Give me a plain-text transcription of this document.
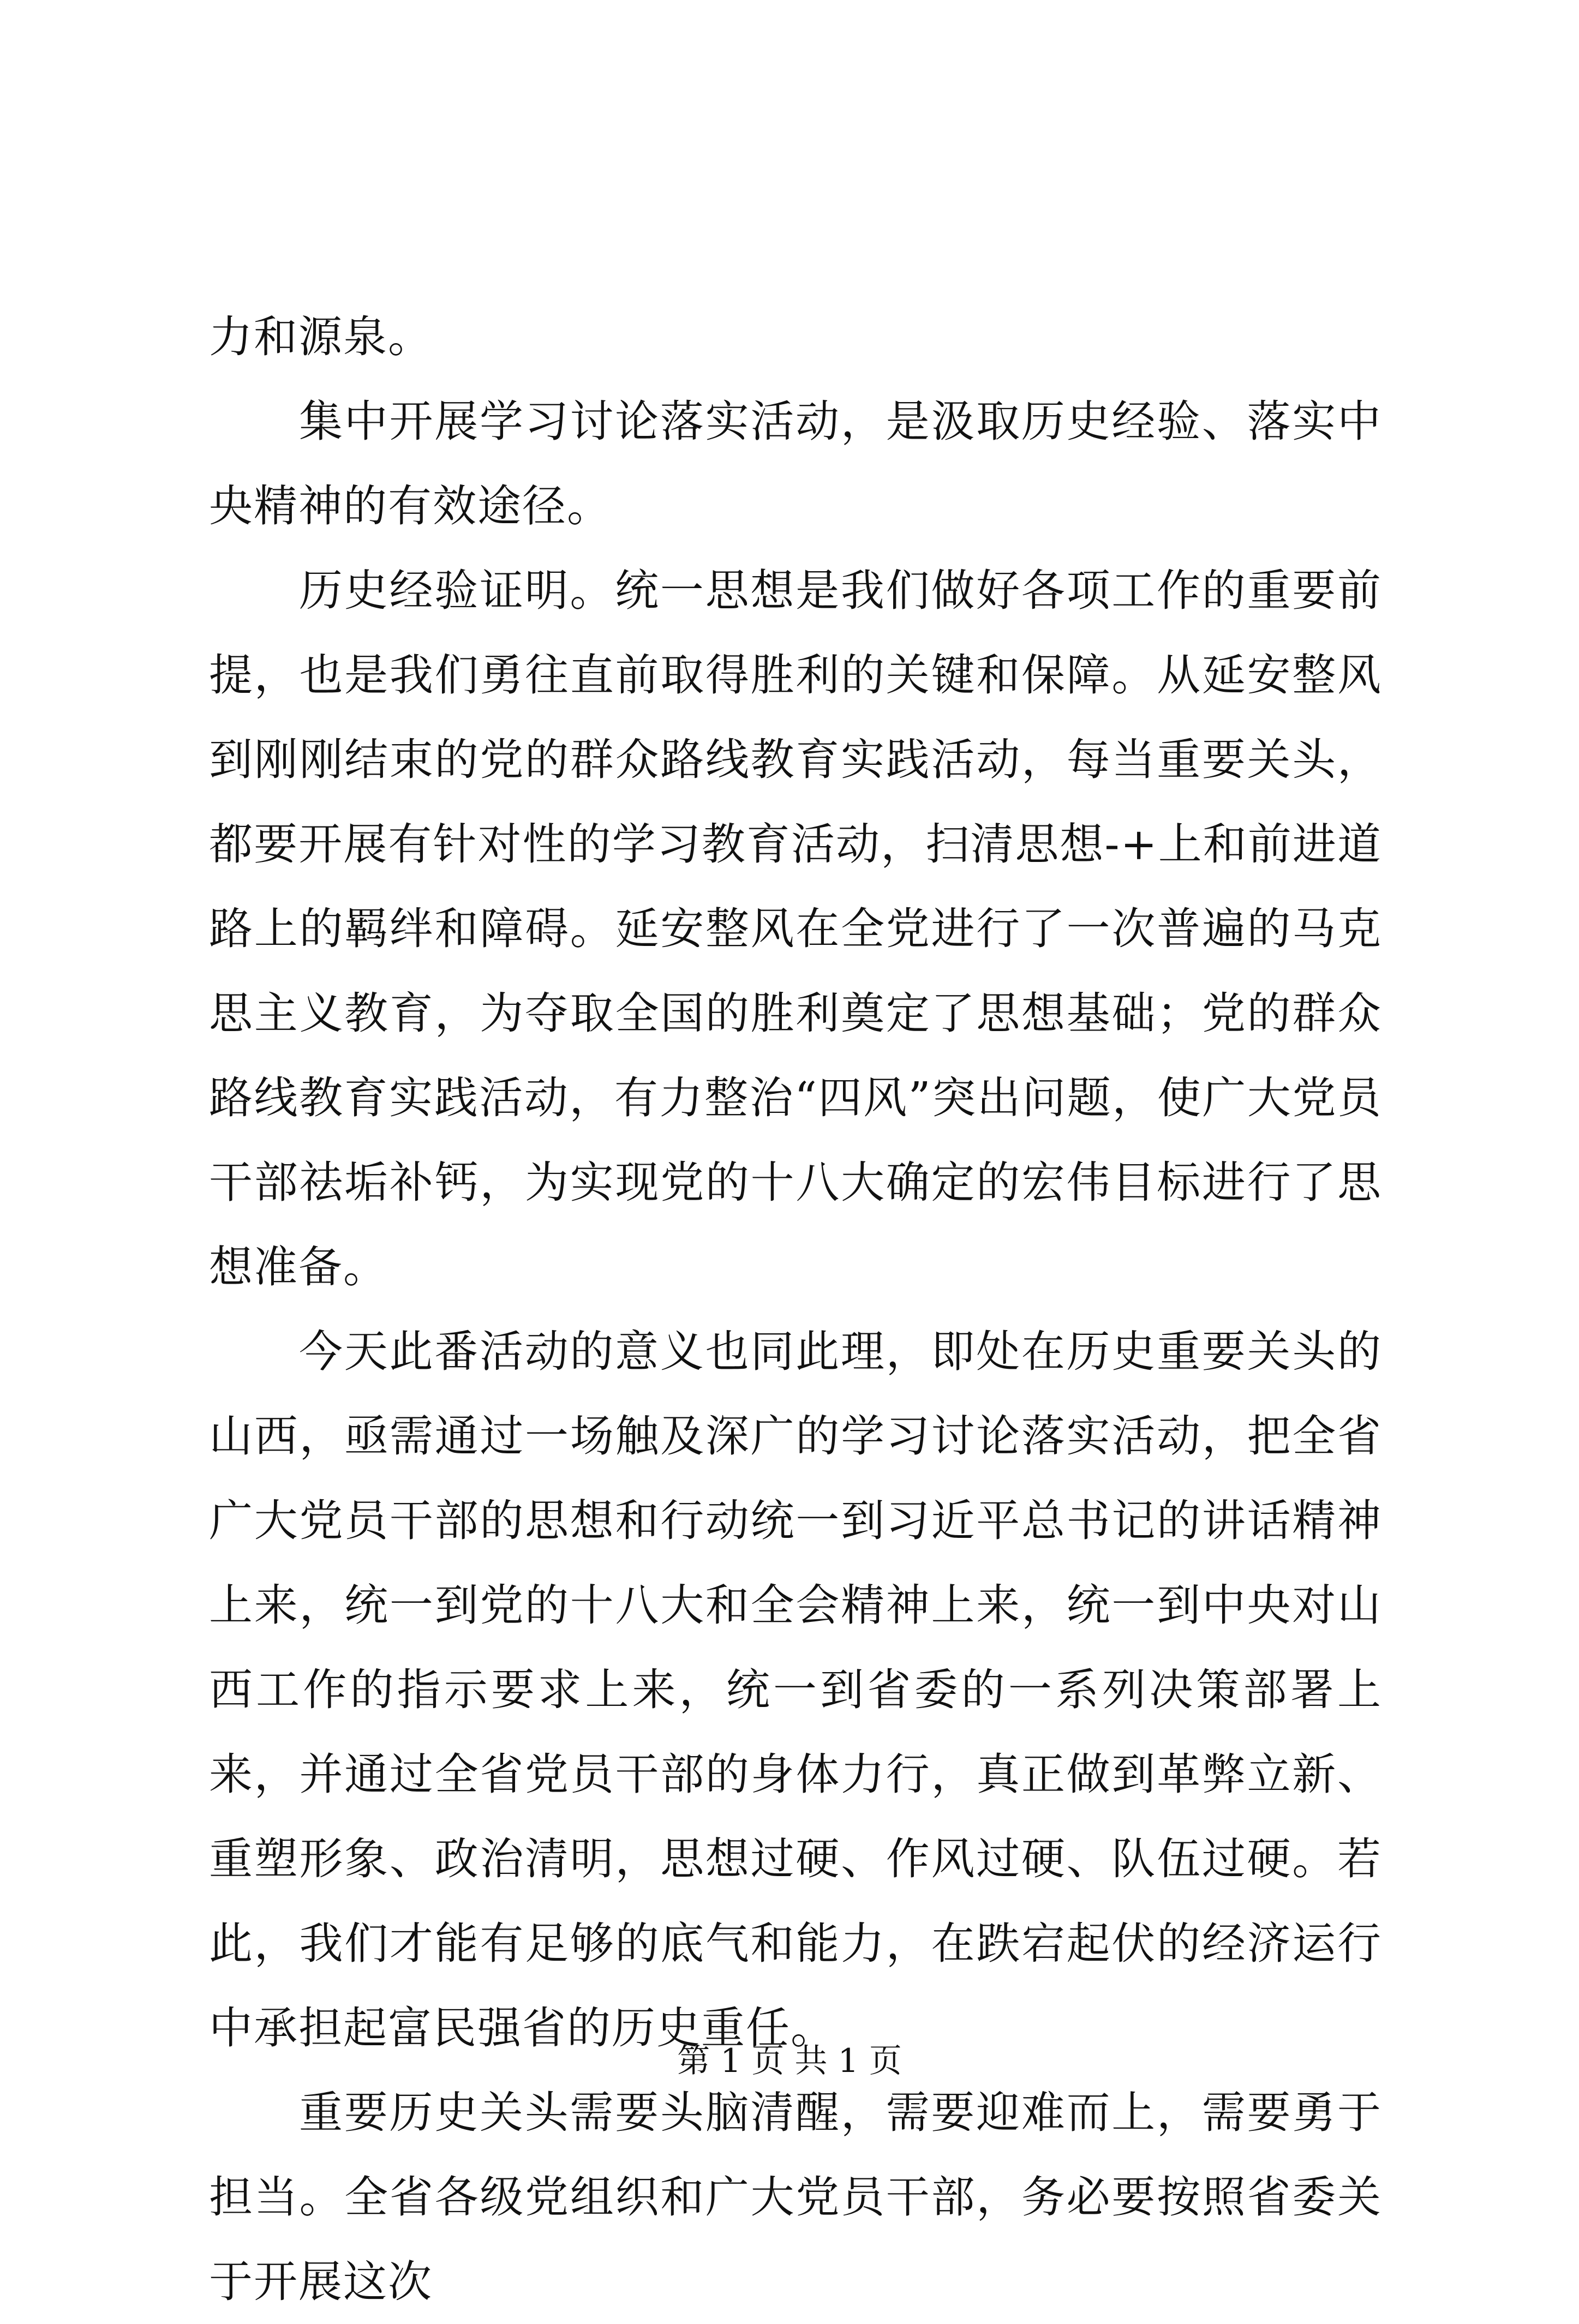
力和源泉。

集中开展学习讨论落实活动，是汲取历史经验、落实中央精神的有效途径。

历史经验证明。统一思想是我们做好各项工作的重要前提，也是我们勇往直前取得胜利的关键和保障。从延安整风到刚刚结束的党的群众路线教育实践活动，每当重要关头，都要开展有针对性的学习教育活动，扫清思想-+上和前进道路上的羁绊和障碍。延安整风在全党进行了一次普遍的马克思主义教育，为夺取全国的胜利奠定了思想基础；党的群众路线教育实践活动，有力整治“四风”突出问题，使广大党员干部祛垢补钙，为实现党的十八大确定的宏伟目标进行了思想准备。

今天此番活动的意义也同此理，即处在历史重要关头的山西，亟需通过一场触及深广的学习讨论落实活动，把全省广大党员干部的思想和行动统一到习近平总书记的讲话精神上来，统一到党的十八大和全会精神上来，统一到中央对山西工作的指示要求上来，统一到省委的一系列决策部署上来，并通过全省党员干部的身体力行，真正做到革弊立新、重塑形象、政治清明，思想过硬、作风过硬、队伍过硬。若此，我们才能有足够的底气和能力，在跌宕起伏的经济运行中承担起富民强省的历史重任。

重要历史关头需要头脑清醒，需要迎难而上，需要勇于担当。全省各级党组织和广大党员干部，务必要按照省委关于开展这次

第 1 页 共 1 页
